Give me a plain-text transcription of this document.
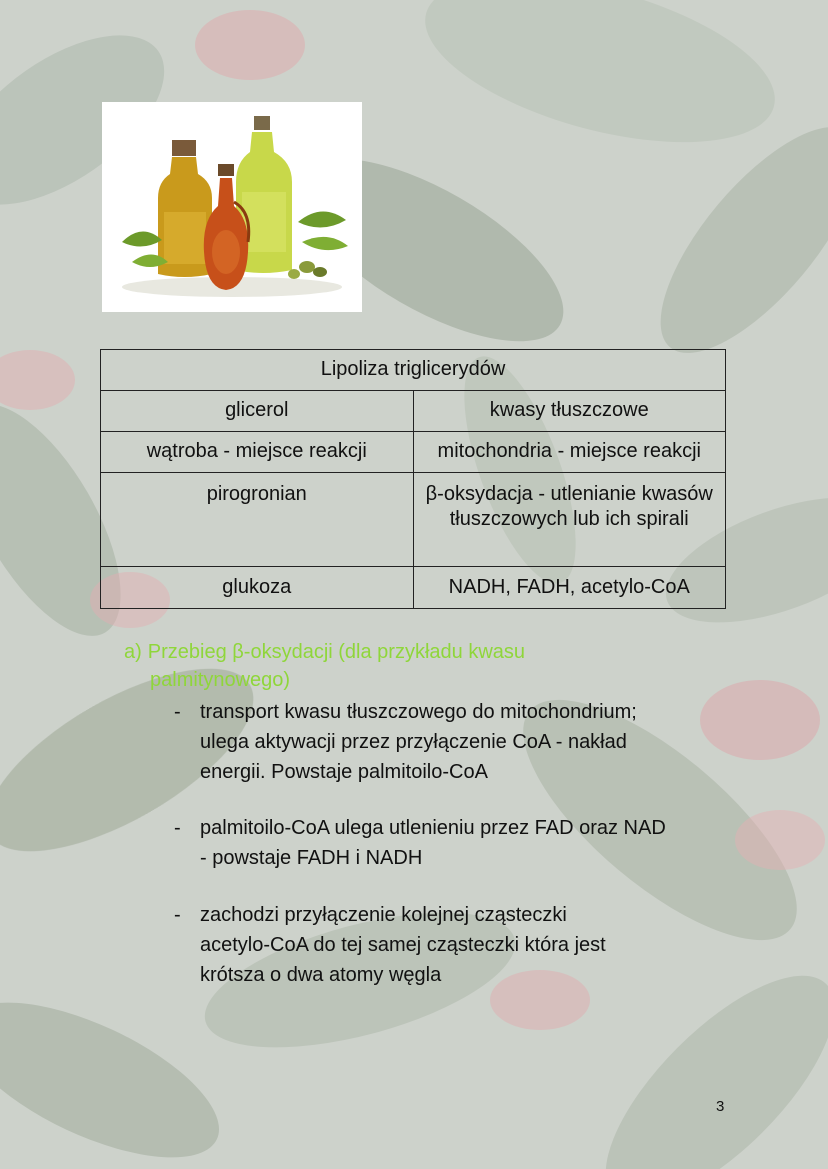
Lipoliza triglicerydów	
glicerol	kwasy tłuszczowe
wątroba - miejsce reakcji	mitochondria - miejsce reakcji
pirogronian	β-oksydacja - utlenianie kwasów tłuszczowych lub ich spirali
glukoza	NADH, FADH, acetylo-CoA
a) Przebieg β-oksydacji (dla przykładu kwasu
palmitynowego)
- transport kwasu tłuszczowego do mitochondrium;
ulega aktywacji przez przyłączenie CoA - nakład
energii. Powstaje palmitoilo-CoA
- palmitoilo-CoA ulega utlenieniu przez FAD oraz NAD
- powstaje FADH i NADH
- zachodzi przyłączenie kolejnej cząsteczki
acetylo-CoA do tej samej cząsteczki która jest
krótsza o dwa atomy węgla
3
